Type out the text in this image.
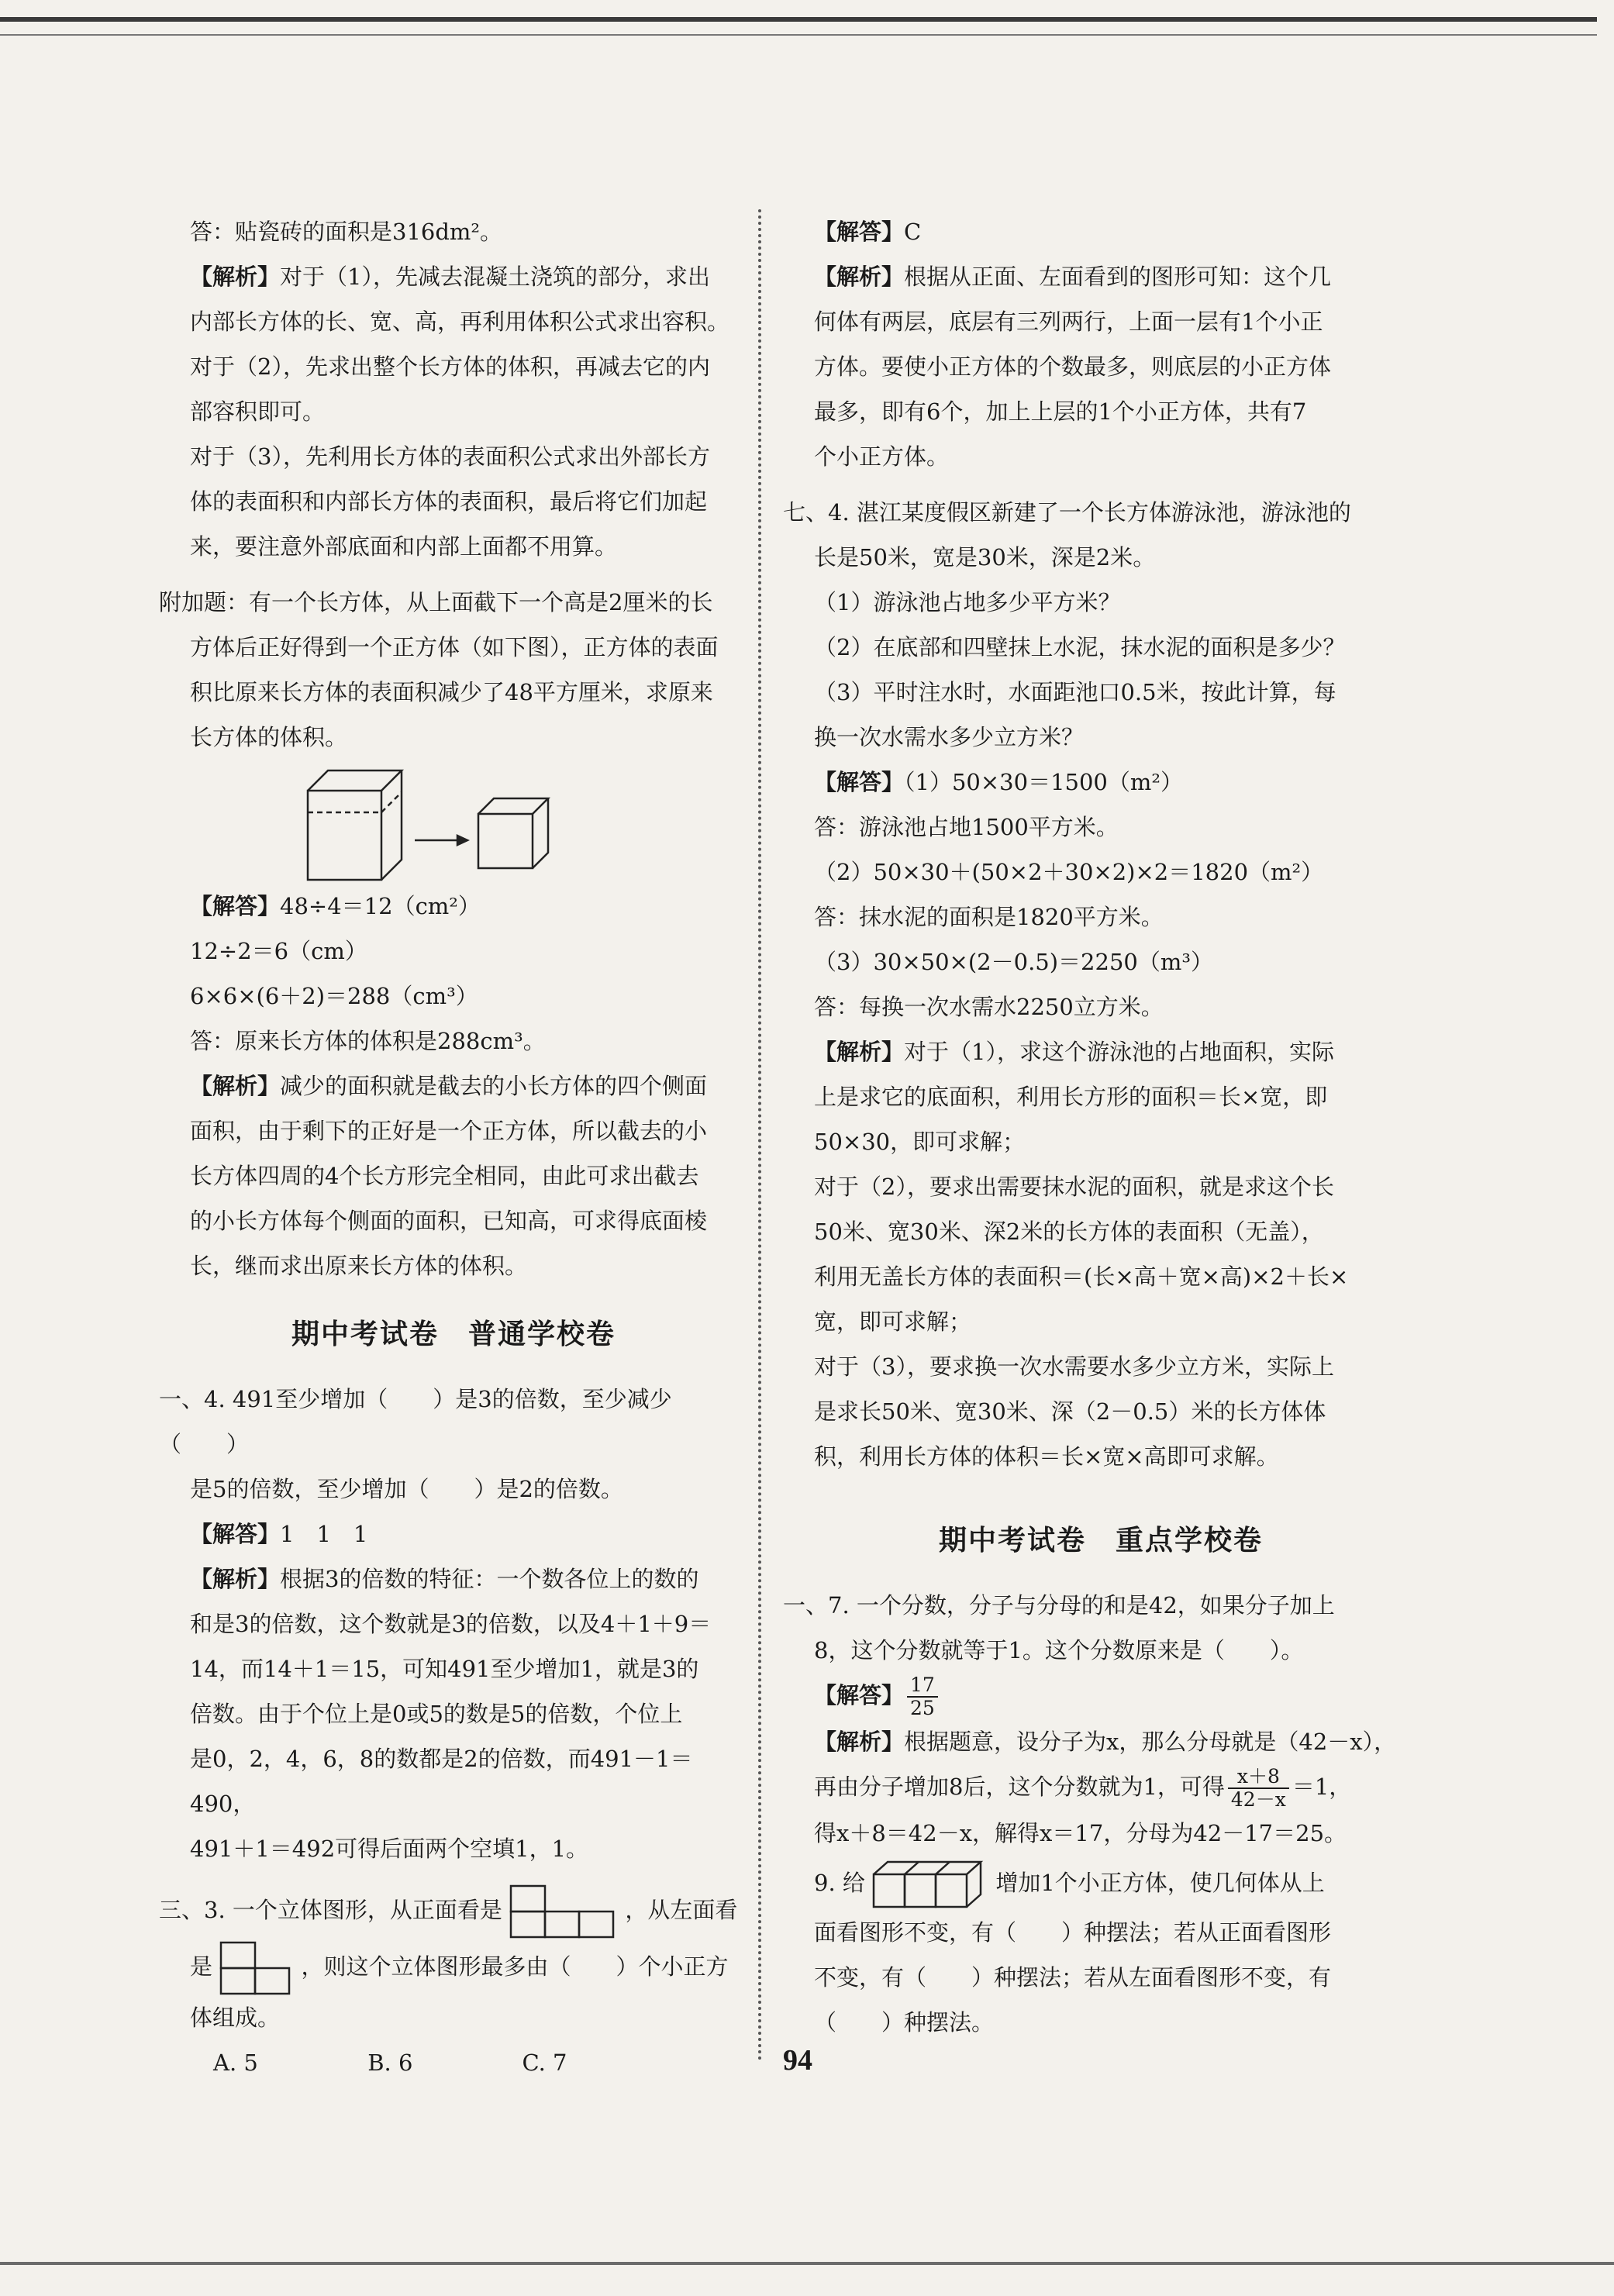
答：贴瓷砖的面积是316dm²。

【解析】对于（1），先减去混凝土浇筑的部分，求出

内部长方体的长、宽、高，再利用体积公式求出容积。

对于（2），先求出整个长方体的体积，再减去它的内

部容积即可。

对于（3），先利用长方体的表面积公式求出外部长方

体的表面积和内部长方体的表面积，最后将它们加起

来，要注意外部底面和内部上面都不用算。

附加题：有一个长方体，从上面截下一个高是2厘米的长

方体后正好得到一个正方体（如下图），正方体的表面

积比原来长方体的表面积减少了48平方厘米，求原来

长方体的体积。

【解答】48÷4＝12（cm²）

12÷2＝6（cm）

6×6×(6＋2)＝288（cm³）

答：原来长方体的体积是288cm³。

【解析】减少的面积就是截去的小长方体的四个侧面

面积，由于剩下的正好是一个正方体，所以截去的小

长方体四周的4个长方形完全相同，由此可求出截去

的小长方体每个侧面的面积，已知高，可求得底面棱

长，继而求出原来长方体的体积。

期中考试卷　普通学校卷

一、4. 491至少增加（　　）是3的倍数，至少减少（　　）

是5的倍数，至少增加（　　）是2的倍数。

【解答】1　1　1

【解析】根据3的倍数的特征：一个数各位上的数的

和是3的倍数，这个数就是3的倍数，以及4＋1＋9＝

14，而14＋1＝15，可知491至少增加1，就是3的

倍数。由于个位上是0或5的数是5的倍数，个位上

是0，2，4，6，8的数都是2的倍数，而491－1＝490，

491＋1＝492可得后面两个空填1，1。

三、3. 一个立体图形，从正面看是	，从左面看

是	，则这个立体图形最多由（　　）个小正方

体组成。

A. 5	B. 6	C. 7

【解答】C

【解析】根据从正面、左面看到的图形可知：这个几

何体有两层，底层有三列两行，上面一层有1个小正

方体。要使小正方体的个数最多，则底层的小正方体

最多，即有6个，加上上层的1个小正方体，共有7

个小正方体。

七、4. 湛江某度假区新建了一个长方体游泳池，游泳池的

长是50米，宽是30米，深是2米。

（1）游泳池占地多少平方米？

（2）在底部和四壁抹上水泥，抹水泥的面积是多少？

（3）平时注水时，水面距池口0.5米，按此计算，每

换一次水需水多少立方米？

【解答】（1）50×30＝1500（m²）

答：游泳池占地1500平方米。

（2）50×30＋(50×2＋30×2)×2＝1820（m²）

答：抹水泥的面积是1820平方米。

（3）30×50×(2－0.5)＝2250（m³）

答：每换一次水需水2250立方米。

【解析】对于（1），求这个游泳池的占地面积，实际

上是求它的底面积，利用长方形的面积＝长×宽，即

50×30，即可求解；

对于（2），要求出需要抹水泥的面积，就是求这个长

50米、宽30米、深2米的长方体的表面积（无盖），

利用无盖长方体的表面积＝(长×高＋宽×高)×2＋长×

宽，即可求解；

对于（3），要求换一次水需要水多少立方米，实际上

是求长50米、宽30米、深（2－0.5）米的长方体体

积，利用长方体的体积＝长×宽×高即可求解。

期中考试卷　重点学校卷

一、7. 一个分数，分子与分母的和是42，如果分子加上

8，这个分数就等于1。这个分数原来是（　　）。

【解答】 $\frac{17}{25}$

【解析】根据题意，设分子为x，那么分母就是（42－x），

再由分子增加8后，这个分数就为1，可得 $\frac{x+8}{42-x} =1$，

得x＋8＝42－x，解得x＝17，分母为42－17＝25。

9. 给	增加1个小正方体，使几何体从上

面看图形不变，有（　　）种摆法；若从正面看图形

不变，有（　　）种摆法；若从左面看图形不变，有

（　　）种摆法。

94
